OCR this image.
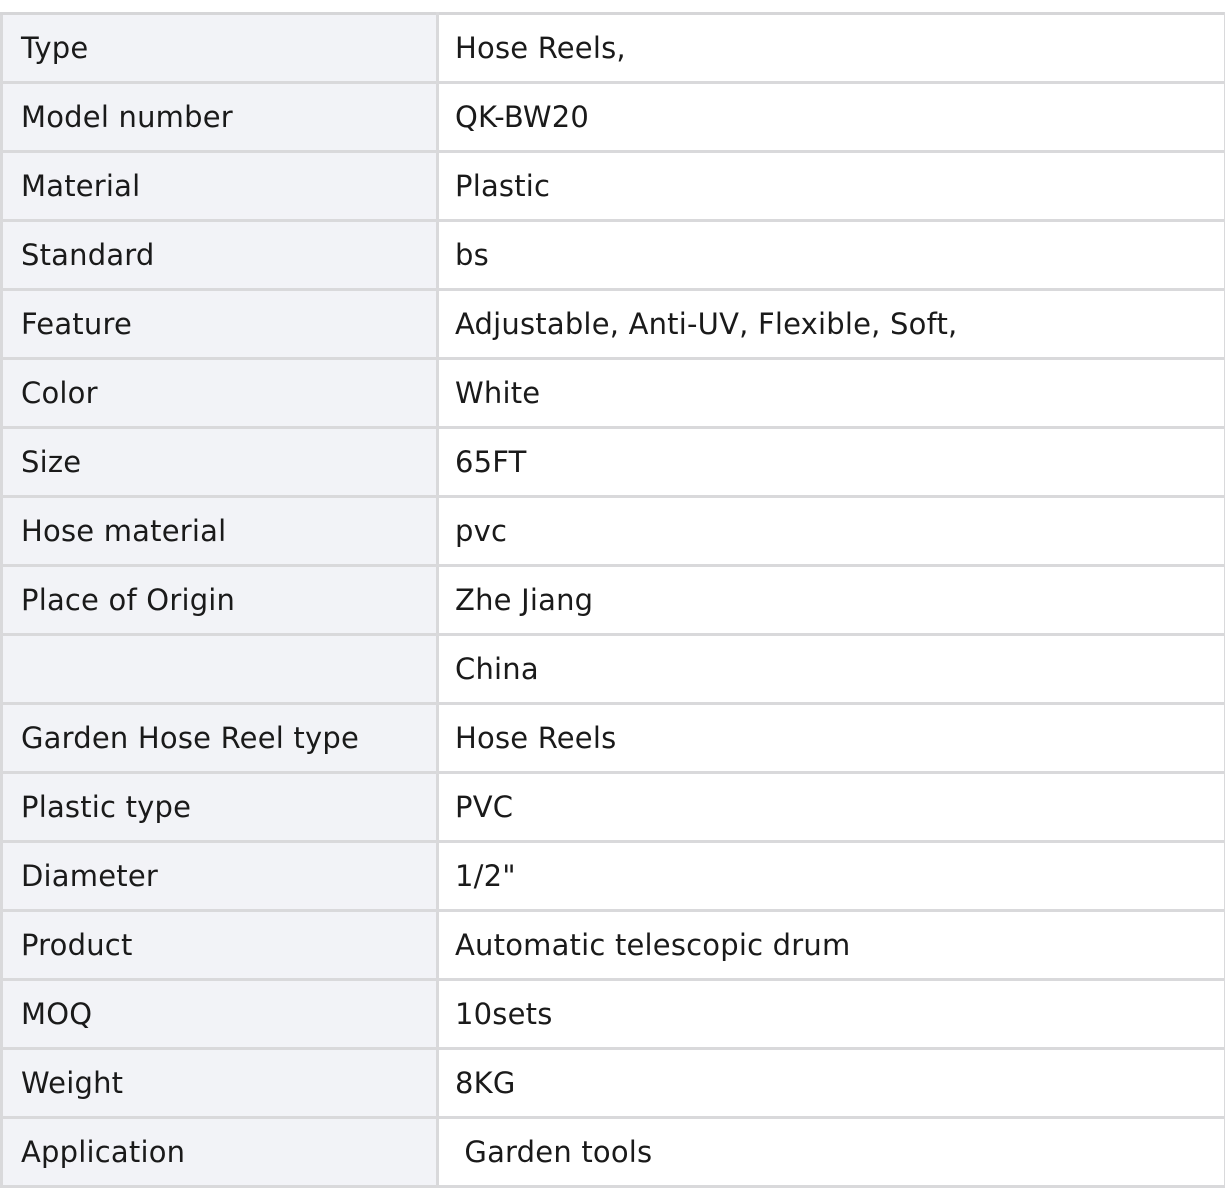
Type	Hose Reels,
Model number	QK-BW20
Material	Plastic
Standard	bs
Feature	Adjustable, Anti-UV, Flexible, Soft,
Color	White
Size	65FT
Hose material	pvc
Place of Origin	Zhe Jiang
	China
Garden Hose Reel type	Hose Reels
Plastic type	PVC
Diameter	1/2"
Product	Automatic telescopic drum
MOQ	10sets
Weight	8KG
Application	Garden tools
